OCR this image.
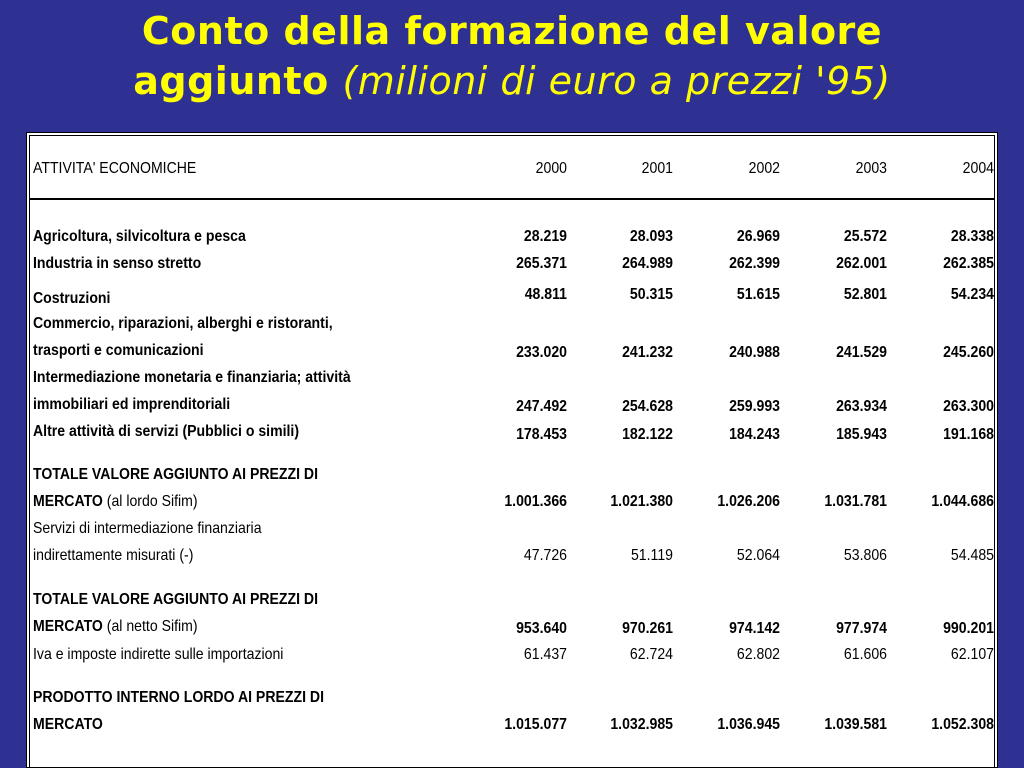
Conto della formazione del valore
aggiunto (milioni di euro a prezzi '95)
ATTIVITA' ECONOMICHE	2000	2001	2002	2003	2004
Agricoltura, silvicoltura e pesca	28.219	28.093	26.969	25.572	28.338
Industria in senso stretto	265.371	264.989	262.399	262.001	262.385
Costruzioni	48.811	50.315	51.615	52.801	54.234
Commercio, riparazioni, alberghi e ristoranti,
trasporti e comunicazioni	233.020	241.232	240.988	241.529	245.260
Intermediazione monetaria e finanziaria; attività
immobiliari ed imprenditoriali	247.492	254.628	259.993	263.934	263.300
Altre attività di servizi (Pubblici o simili)	178.453	182.122	184.243	185.943	191.168
TOTALE VALORE AGGIUNTO AI PREZZI DI
MERCATO (al lordo Sifim)	1.001.366	1.021.380	1.026.206	1.031.781	1.044.686
Servizi di intermediazione finanziaria
indirettamente misurati (-)	47.726	51.119	52.064	53.806	54.485
TOTALE VALORE AGGIUNTO AI PREZZI DI
MERCATO (al netto Sifim)	953.640	970.261	974.142	977.974	990.201
Iva e imposte indirette sulle importazioni	61.437	62.724	62.802	61.606	62.107
PRODOTTO INTERNO LORDO AI PREZZI DI
MERCATO	1.015.077	1.032.985	1.036.945	1.039.581	1.052.308
